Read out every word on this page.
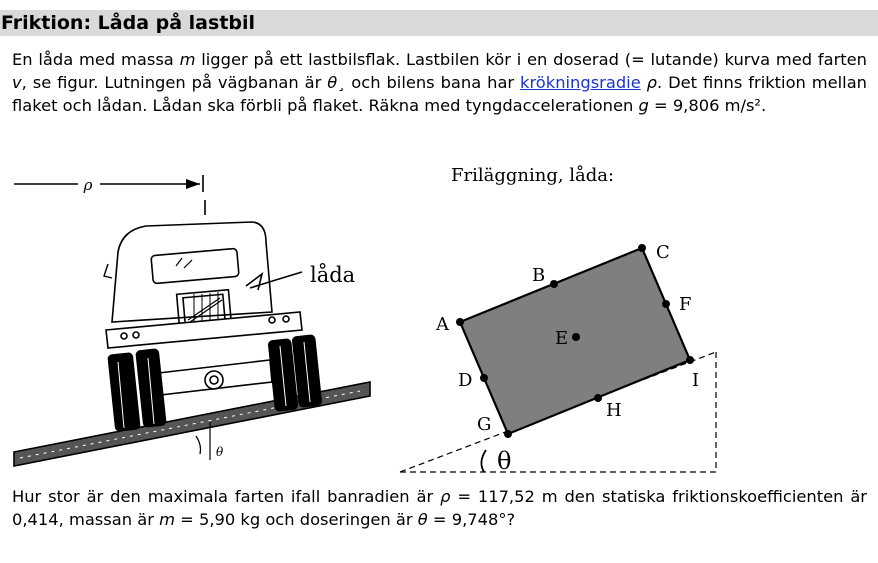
Friktion: Låda på lastbil

En låda med massa m ligger på ett lastbilsflak. Lastbilen kör i en doserad (= lutande) kurva med farten v, se figur. Lutningen på vägbanan är θ¸ och bilens bana har krökningsradie ρ. Det finns friktion mellan flaket och lådan. Lådan ska förbli på flaket. Räkna med tyngdaccelerationen g = 9,806 m/s².

ρ
θ
låda
Friläggning, låda:
θ
A
B
C
D
E
F
G
H
I

Hur stor är den maximala farten ifall banradien är ρ = 117,52 m den statiska friktionskoefficienten är 0,414, massan är m = 5,90 kg och doseringen är θ = 9,748°?
